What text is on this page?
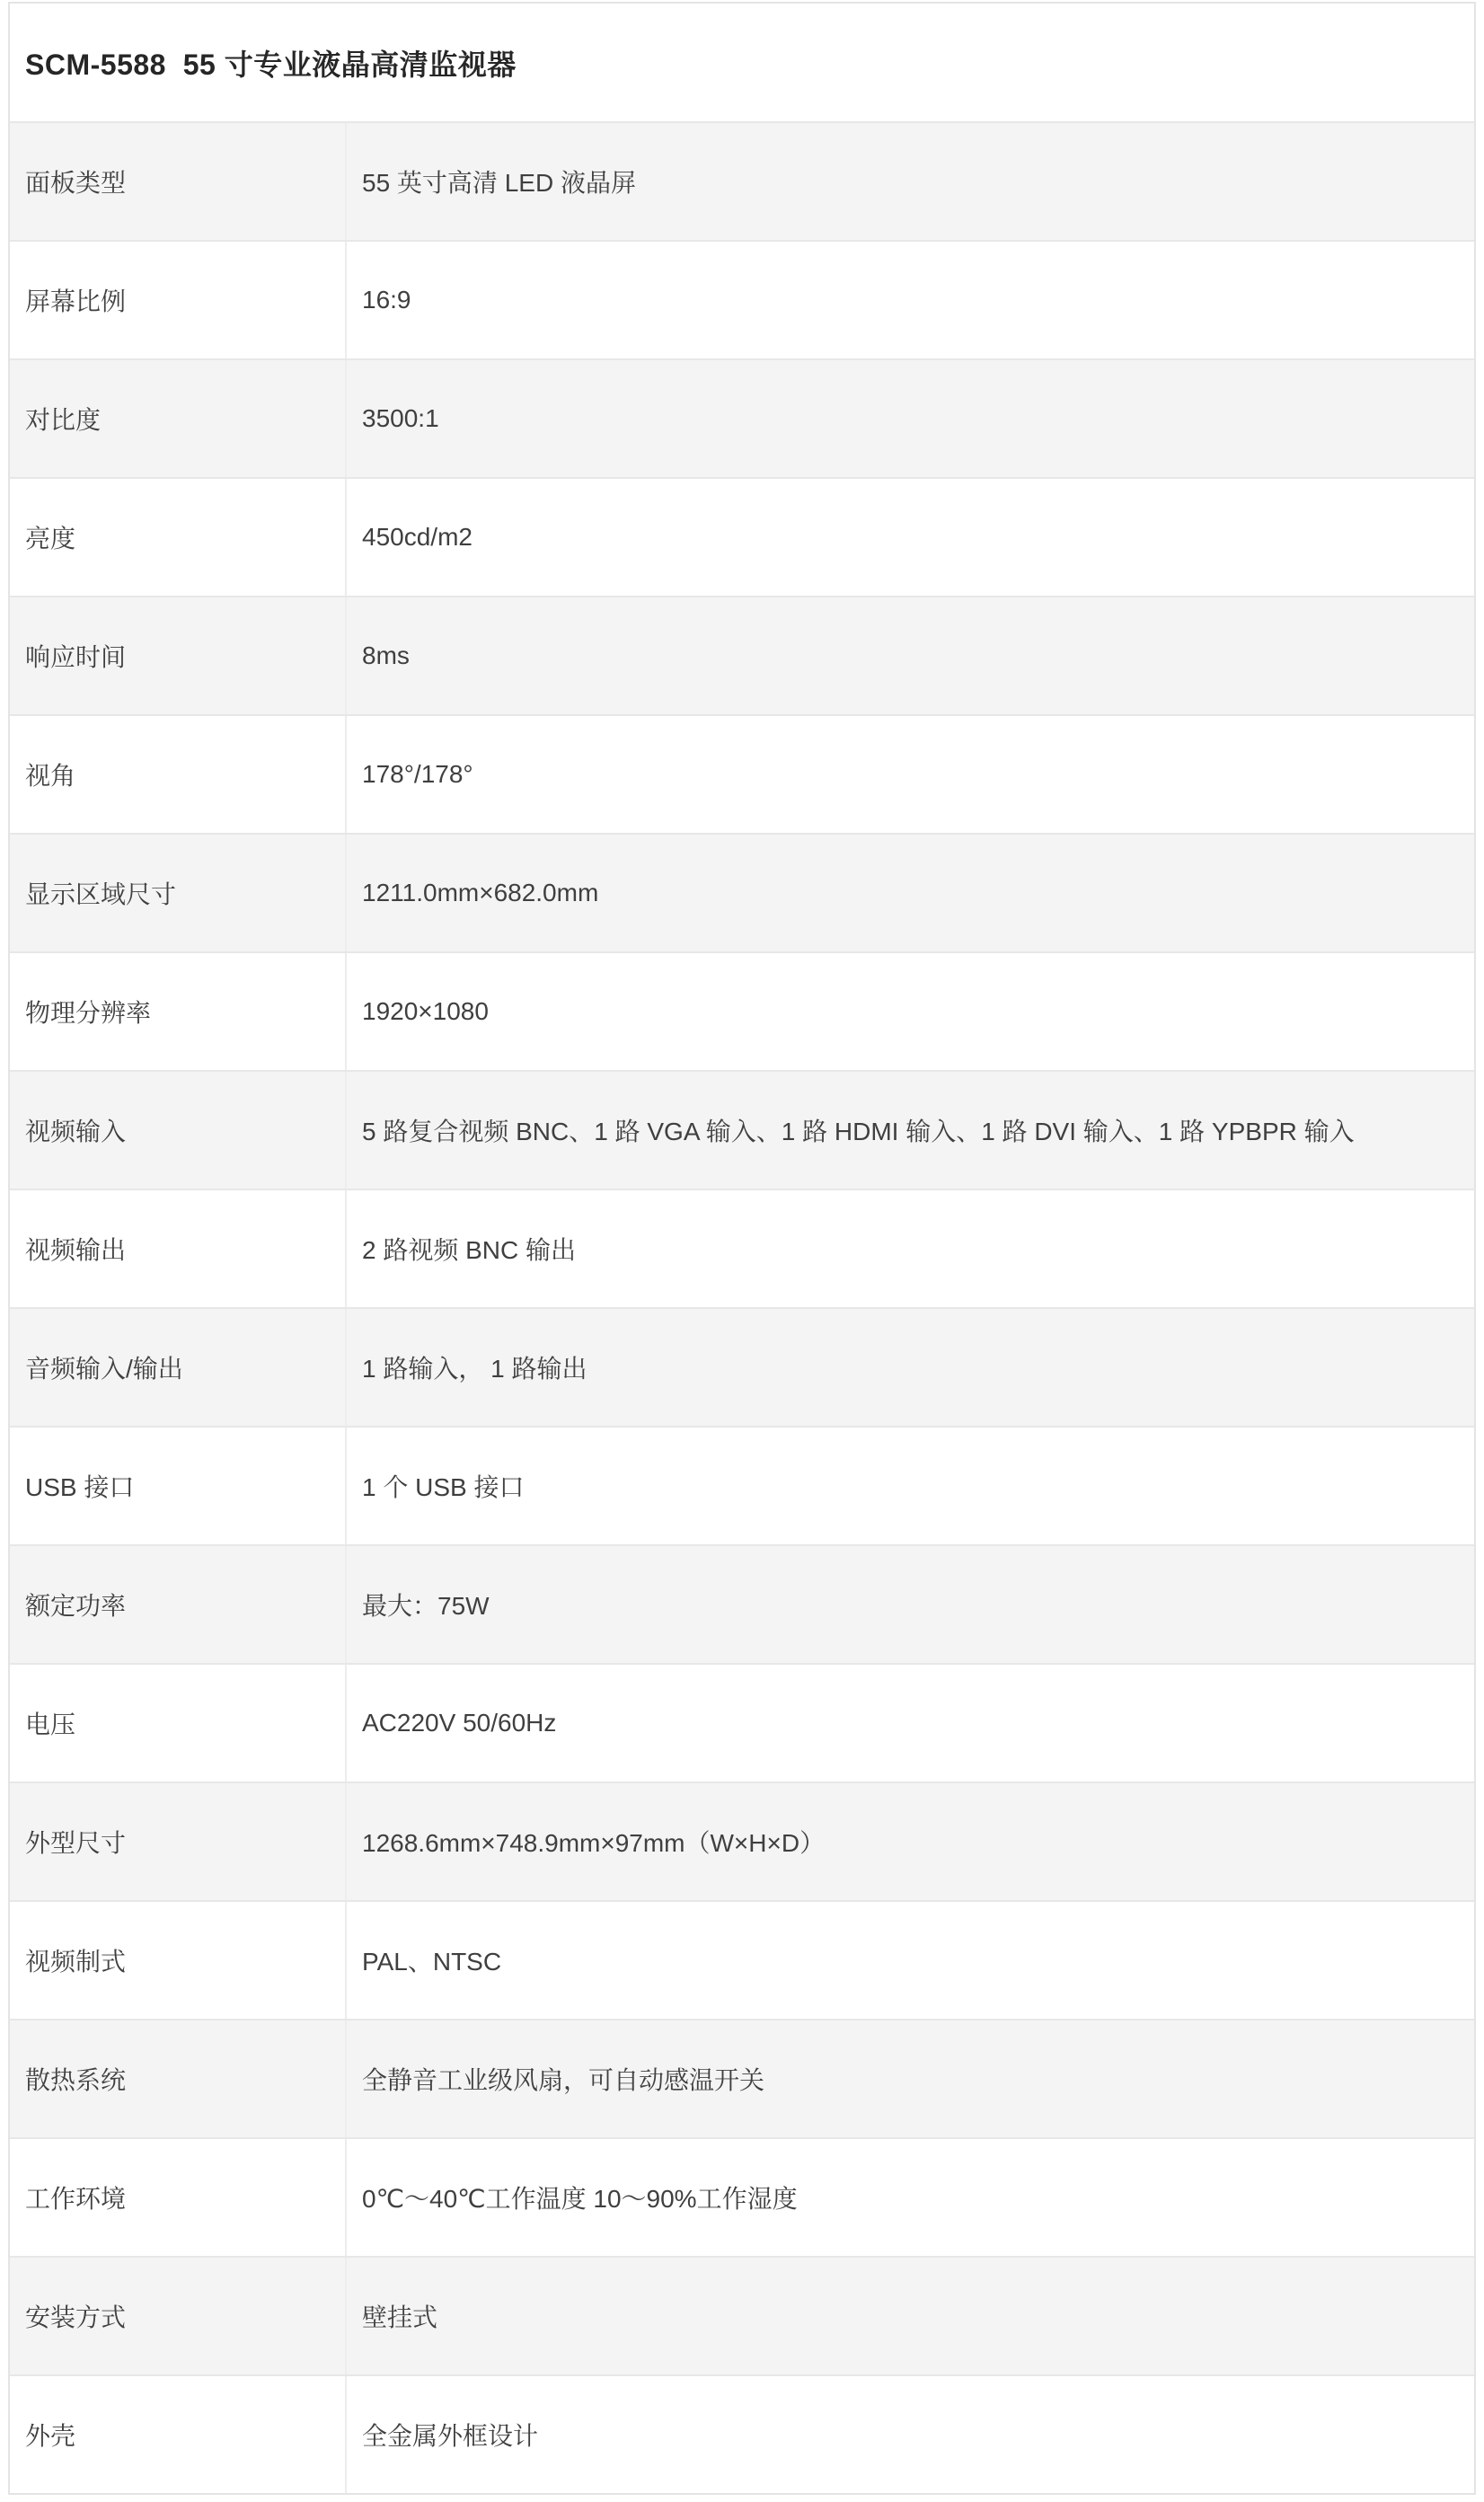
SCM-5588  55 寸专业液晶高清监视器
面板类型	55 英寸高清 LED 液晶屏
屏幕比例	16:9
对比度	3500:1
亮度	450cd/m2
响应时间	8ms
视角	178°/178°
显示区域尺寸	1211.0mm×682.0mm
物理分辨率	1920×1080
视频输入	5 路复合视频 BNC、1 路 VGA 输入、1 路 HDMI 输入、1 路 DVI 输入、1 路 YPBPR 输入
视频输出	2 路视频 BNC 输出
音频输入/输出	1 路输入， 1 路输出
USB 接口	1 个 USB 接口
额定功率	最大：75W
电压	AC220V 50/60Hz
外型尺寸	1268.6mm×748.9mm×97mm（W×H×D）
视频制式	PAL、NTSC
散热系统	全静音工业级风扇，可自动感温开关
工作环境	0℃～40℃工作温度 10～90%工作湿度
安装方式	壁挂式
外壳	全金属外框设计
